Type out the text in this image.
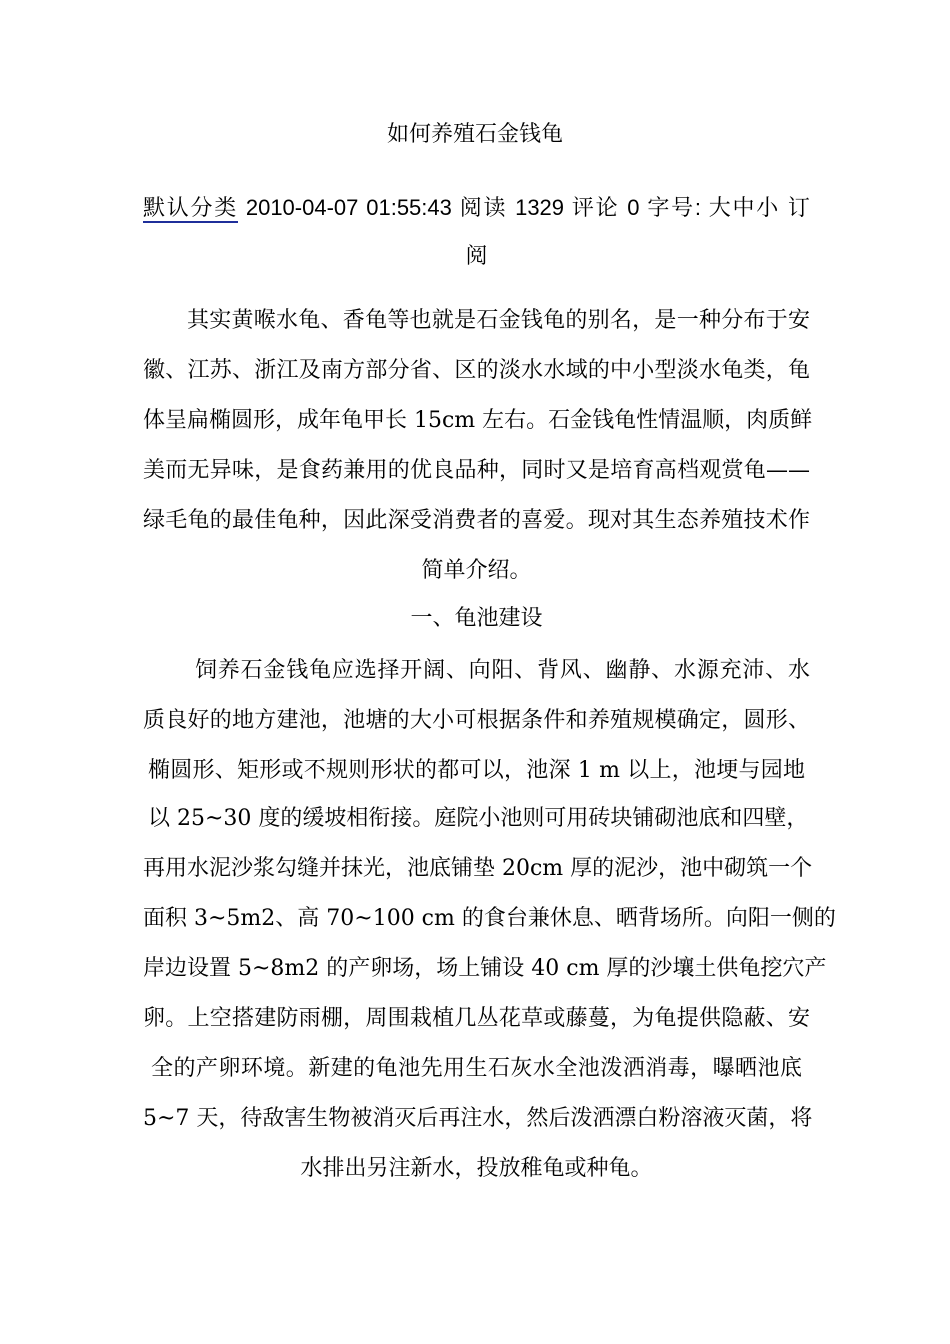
如何养殖石金钱龟
默认分类 2010-04-07 01:55:43 阅读 1329 评论 0 字号: 大中小 订
阅
其实黄喉水龟、香龟等也就是石金钱龟的别名，是一种分布于安
徽、江苏、浙江及南方部分省、区的淡水水域的中小型淡水龟类，龟
体呈扁椭圆形，成年龟甲长 15cm 左右。石金钱龟性情温顺，肉质鲜
美而无异味，是食药兼用的优良品种，同时又是培育高档观赏龟——
绿毛龟的最佳龟种，因此深受消费者的喜爱。现对其生态养殖技术作
简单介绍。
一、龟池建设
饲养石金钱龟应选择开阔、向阳、背风、幽静、水源充沛、水
质良好的地方建池，池塘的大小可根据条件和养殖规模确定，圆形、
椭圆形、矩形或不规则形状的都可以，池深 1 m 以上，池埂与园地
以 25~30 度的缓坡相衔接。庭院小池则可用砖块铺砌池底和四壁，
再用水泥沙浆勾缝并抹光，池底铺垫 20cm 厚的泥沙，池中砌筑一个
面积 3~5m2、高 70~100 cm 的食台兼休息、晒背场所。向阳一侧的
岸边设置 5~8m2 的产卵场，场上铺设 40 cm 厚的沙壤土供龟挖穴产
卵。上空搭建防雨棚，周围栽植几丛花草或藤蔓，为龟提供隐蔽、安
全的产卵环境。新建的龟池先用生石灰水全池泼洒消毒，曝晒池底
5~7 天，待敌害生物被消灭后再注水，然后泼洒漂白粉溶液灭菌，将
水排出另注新水，投放稚龟或种龟。
